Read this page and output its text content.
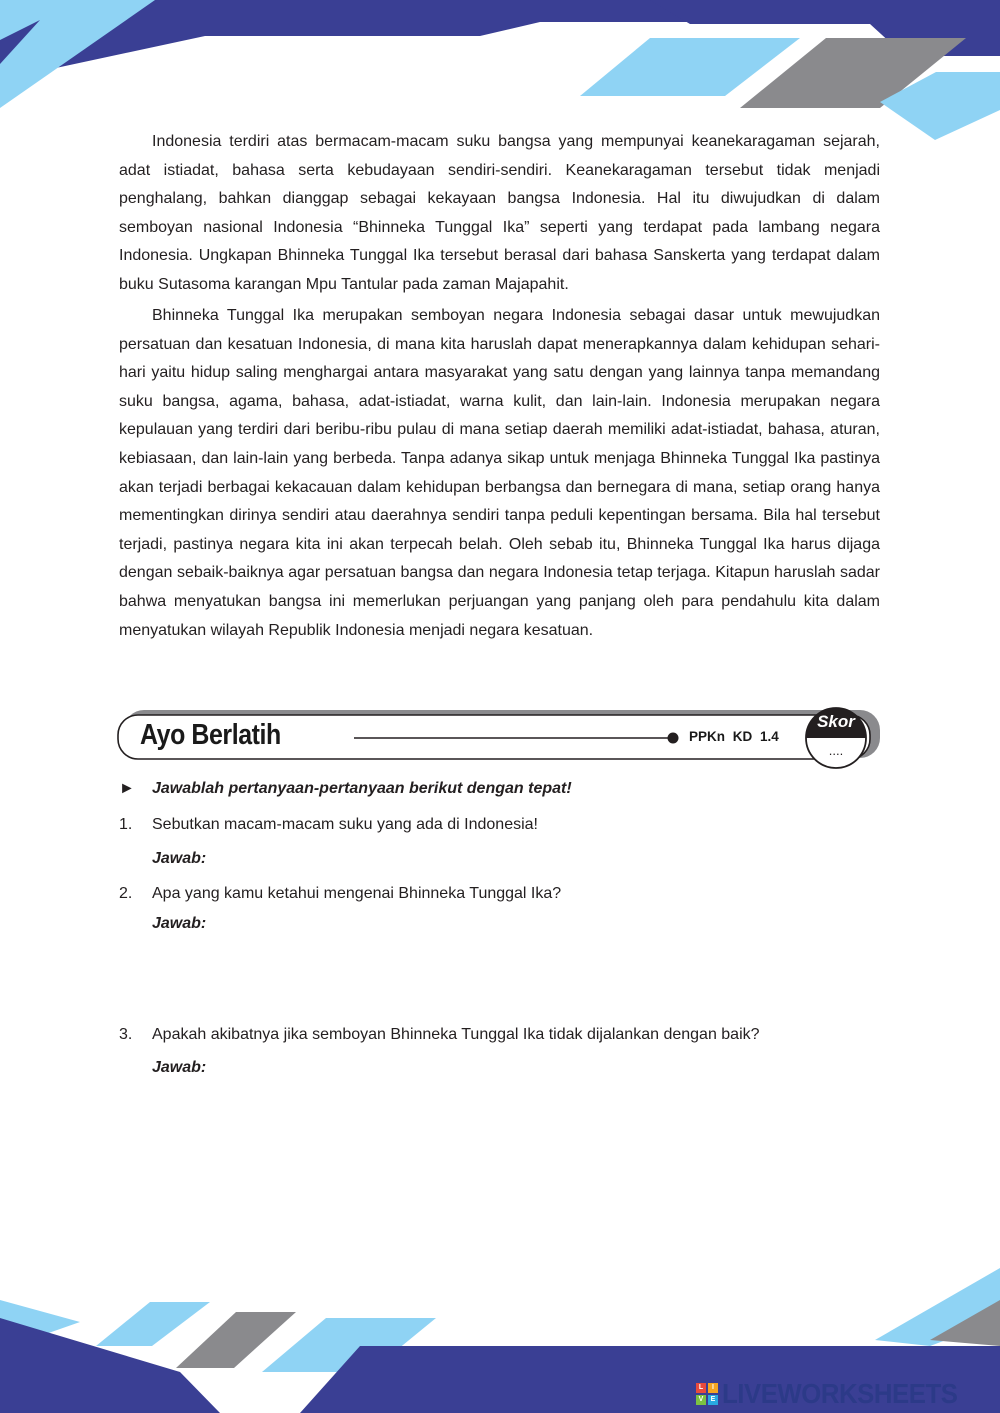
Indonesia terdiri atas bermacam-macam suku bangsa yang mempunyai keanekaragaman sejarah, adat istiadat, bahasa serta kebudayaan sendiri-sendiri. Keanekaragaman tersebut tidak menjadi penghalang, bahkan dianggap sebagai kekayaan bangsa Indonesia. Hal itu diwujudkan di dalam semboyan nasional Indonesia “Bhinneka Tunggal Ika” seperti yang terdapat pada lambang negara Indonesia. Ungkapan Bhinneka Tunggal Ika tersebut berasal dari bahasa Sanskerta yang terdapat dalam buku Sutasoma karangan Mpu Tantular pada zaman Majapahit.

Bhinneka Tunggal Ika merupakan semboyan negara Indonesia sebagai dasar untuk mewujudkan persatuan dan kesatuan Indonesia, di mana kita haruslah dapat menerapkannya dalam kehidupan sehari-hari yaitu hidup saling menghargai antara masyarakat yang satu dengan yang lainnya tanpa memandang suku bangsa, agama, bahasa, adat-istiadat, warna kulit, dan lain-lain. Indonesia merupakan negara kepulauan yang terdiri dari beribu-ribu pulau di mana setiap daerah memiliki adat-istiadat, bahasa, aturan, kebiasaan, dan lain-lain yang berbeda. Tanpa adanya sikap untuk menjaga Bhinneka Tunggal Ika pastinya akan terjadi berbagai kekacauan dalam kehidupan berbangsa dan bernegara di mana, setiap orang hanya mementingkan dirinya sendiri atau daerahnya sendiri tanpa peduli kepentingan bersama. Bila hal tersebut terjadi, pastinya negara kita ini akan terpecah belah. Oleh sebab itu, Bhinneka Tunggal Ika harus dijaga dengan sebaik-baiknya agar persatuan bangsa dan negara Indonesia tetap terjaga. Kitapun haruslah sadar bahwa menyatukan bangsa ini memerlukan perjuangan yang panjang oleh para pendahulu kita dalam menyatukan wilayah Republik Indonesia menjadi negara kesatuan.

Ayo Berlatih	PPKn KD 1.4
Skor
....
► Jawablah pertanyaan-pertanyaan berikut dengan tepat!
1. Sebutkan macam-macam suku yang ada di Indonesia!
Jawab:
2. Apa yang kamu ketahui mengenai Bhinneka Tunggal Ika?
Jawab:
3. Apakah akibatnya jika semboyan Bhinneka Tunggal Ika tidak dijalankan dengan baik?
Jawab:
L	I
V	E LIVEWORKSHEETS
